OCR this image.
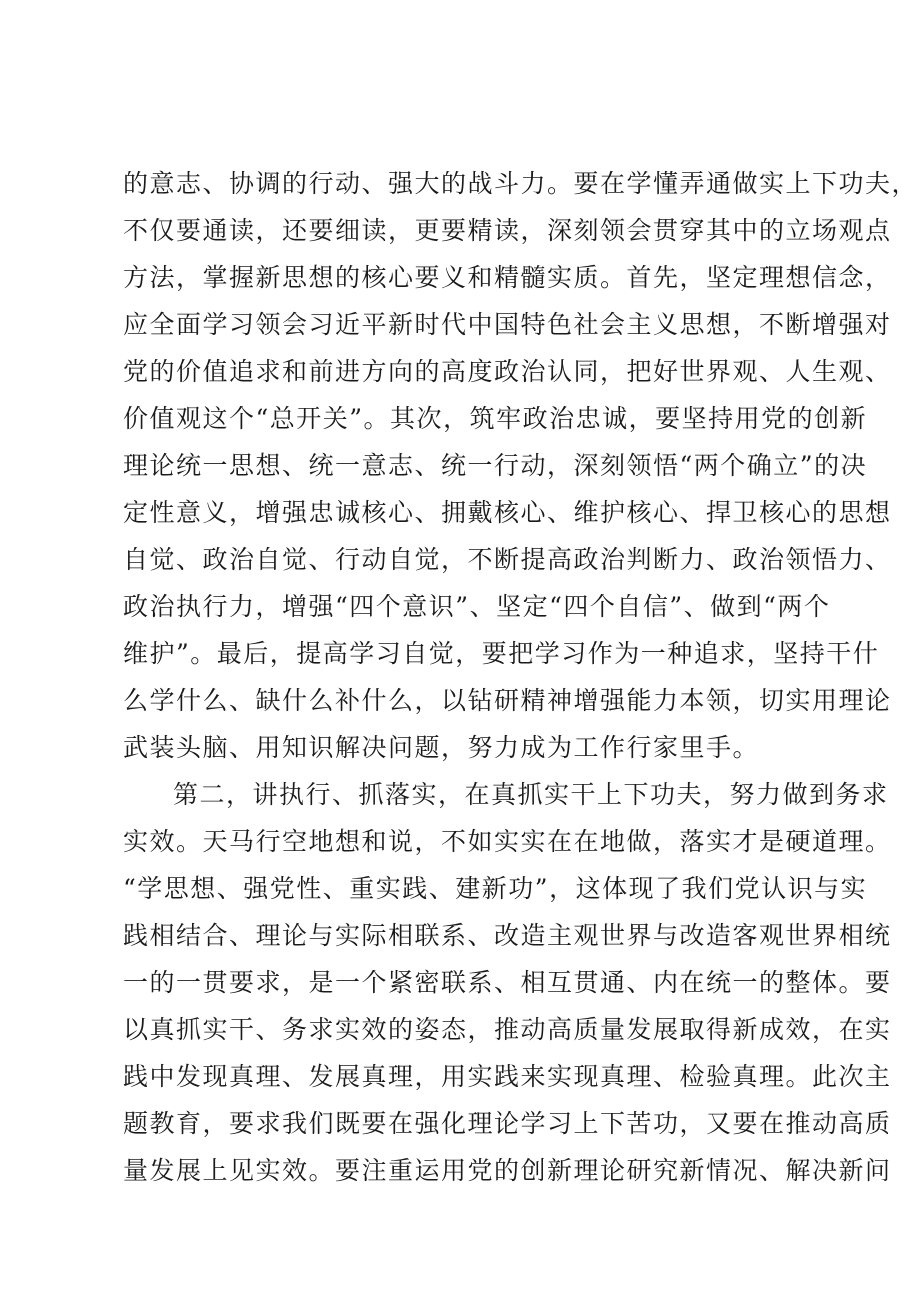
的意志、协调的行动、强大的战斗力。要在学懂弄通做实上下功夫，
不仅要通读，还要细读，更要精读，深刻领会贯穿其中的立场观点
方法，掌握新思想的核心要义和精髓实质。首先，坚定理想信念，
应全面学习领会习近平新时代中国特色社会主义思想，不断增强对
党的价值追求和前进方向的高度政治认同，把好世界观、人生观、
价值观这个“总开关”。其次，筑牢政治忠诚，要坚持用党的创新
理论统一思想、统一意志、统一行动，深刻领悟“两个确立”的决
定性意义，增强忠诚核心、拥戴核心、维护核心、捍卫核心的思想
自觉、政治自觉、行动自觉，不断提高政治判断力、政治领悟力、
政治执行力，增强“四个意识”、坚定“四个自信”、做到“两个
维护”。最后，提高学习自觉，要把学习作为一种追求，坚持干什
么学什么、缺什么补什么，以钻研精神增强能力本领，切实用理论
武装头脑、用知识解决问题，努力成为工作行家里手。
第二，讲执行、抓落实，在真抓实干上下功夫，努力做到务求
实效。天马行空地想和说，不如实实在在地做，落实才是硬道理。
“学思想、强党性、重实践、建新功”，这体现了我们党认识与实
践相结合、理论与实际相联系、改造主观世界与改造客观世界相统
一的一贯要求，是一个紧密联系、相互贯通、内在统一的整体。要
以真抓实干、务求实效的姿态，推动高质量发展取得新成效，在实
践中发现真理、发展真理，用实践来实现真理、检验真理。此次主
题教育，要求我们既要在强化理论学习上下苦功，又要在推动高质
量发展上见实效。要注重运用党的创新理论研究新情况、解决新问
